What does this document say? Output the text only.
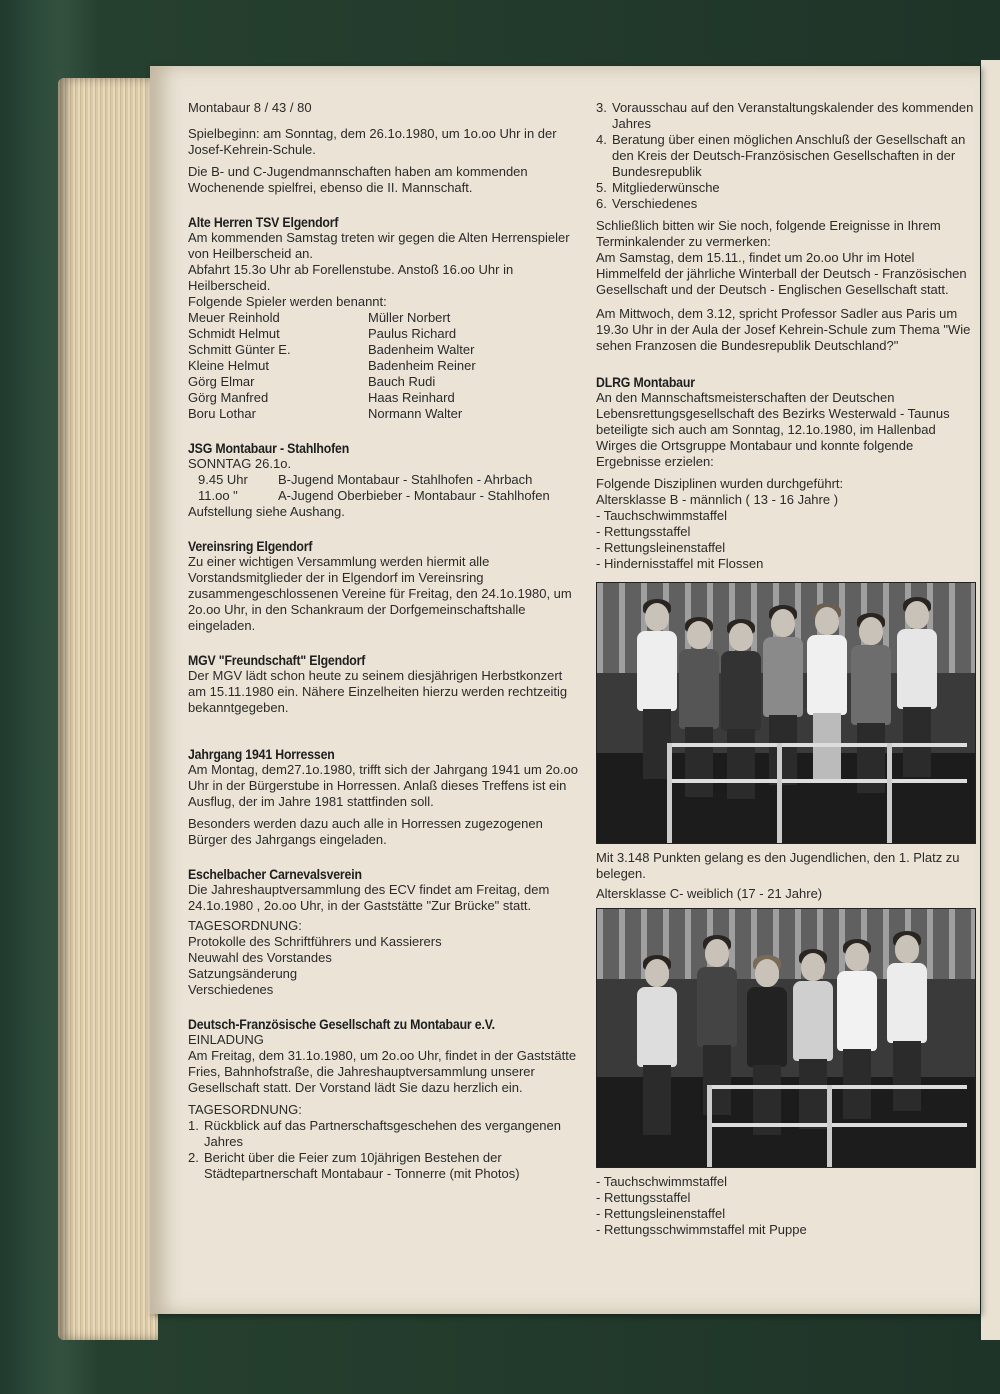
Montabaur 8 / 43 / 80

Spielbeginn: am Sonntag, dem 26.1o.1980, um 1o.oo Uhr in der Josef-Kehrein-Schule.

Die B- und C-Jugendmannschaften haben am kommenden Wochenende spielfrei, ebenso die II. Mannschaft.

Alte Herren TSV Elgendorf

Am kommenden Samstag treten wir gegen die Alten Herrenspieler von Heilberscheid an.

Abfahrt 15.3o Uhr ab Forellenstube. Anstoß 16.oo Uhr in Heilberscheid.

Folgende Spieler werden benannt:

Meuer Reinhold	Müller Norbert
Schmidt Helmut	Paulus Richard
Schmitt Günter E.	Badenheim Walter
Kleine Helmut	Badenheim Reiner
Görg Elmar	Bauch Rudi
Görg Manfred	Haas Reinhard
Boru Lothar	Normann Walter

JSG Montabaur - Stahlhofen

SONNTAG 26.1o.

9.45 Uhr	B-Jugend Montabaur - Stahlhofen - Ahrbach
11.oo "	A-Jugend Oberbieber - Montabaur - Stahlhofen

Aufstellung siehe Aushang.

Vereinsring Elgendorf

Zu einer wichtigen Versammlung werden hiermit alle Vorstandsmitglieder der in Elgendorf im Vereinsring zusammengeschlossenen Vereine für Freitag, den 24.1o.1980, um 2o.oo Uhr, in den Schankraum der Dorfgemeinschaftshalle eingeladen.

MGV "Freundschaft" Elgendorf

Der MGV lädt schon heute zu seinem diesjährigen Herbstkonzert am 15.11.1980 ein. Nähere Einzelheiten hierzu werden rechtzeitig bekanntgegeben.

Jahrgang 1941 Horressen

Am Montag, dem27.1o.1980, trifft sich der Jahrgang 1941 um 2o.oo Uhr in der Bürgerstube in Horressen. Anlaß dieses Treffens ist ein Ausflug, der im Jahre 1981 stattfinden soll.

Besonders werden dazu auch alle in Horressen zugezogenen Bürger des Jahrgangs eingeladen.

Eschelbacher Carnevalsverein

Die Jahreshauptversammlung des ECV findet am Freitag, dem 24.1o.1980 , 2o.oo Uhr, in der Gaststätte "Zur Brücke" statt.

TAGESORDNUNG:

Protokolle des Schriftführers und Kassierers

Neuwahl des Vorstandes

Satzungsänderung

Verschiedenes

Deutsch-Französische Gesellschaft zu Montabaur e.V.

EINLADUNG

Am Freitag, dem 31.1o.1980, um 2o.oo Uhr, findet in der Gaststätte Fries, Bahnhofstraße, die Jahreshauptversammlung unserer Gesellschaft statt. Der Vorstand lädt Sie dazu herzlich ein.

TAGESORDNUNG:

1. Rückblick auf das Partnerschaftsgeschehen des vergangenen Jahres
2. Bericht über die Feier zum 10jährigen Bestehen der Städtepartnerschaft Montabaur - Tonnerre (mit Photos)
3. Vorausschau auf den Veranstaltungskalender des kommenden Jahres
4. Beratung über einen möglichen Anschluß der Gesellschaft an den Kreis der Deutsch-Französischen Gesellschaften in der Bundesrepublik
5. Mitgliederwünsche
6. Verschiedenes

Schließlich bitten wir Sie noch, folgende Ereignisse in Ihrem Terminkalender zu vermerken:

Am Samstag, dem 15.11., findet um 2o.oo Uhr im Hotel Himmelfeld der jährliche Winterball der Deutsch - Französischen Gesellschaft und der Deutsch - Englischen Gesellschaft statt.

Am Mittwoch, dem 3.12, spricht Professor Sadler aus Paris um 19.3o Uhr in der Aula der Josef Kehrein-Schule zum Thema "Wie sehen Franzosen die Bundesrepublik Deutschland?"

DLRG Montabaur

An den Mannschaftsmeisterschaften der Deutschen Lebensrettungsgesellschaft des Bezirks Westerwald - Taunus beteiligte sich auch am Sonntag, 12.1o.1980, im Hallenbad Wirges die Ortsgruppe Montabaur und konnte folgende Ergebnisse erzielen:

Folgende Disziplinen wurden durchgeführt:

Altersklasse B - männlich ( 13 - 16 Jahre )

- Tauchschwimmstaffel

- Rettungsstaffel

- Rettungsleinenstaffel

- Hindernisstaffel mit Flossen

Mit 3.148 Punkten gelang es den Jugendlichen, den 1. Platz zu belegen.

Altersklasse C- weiblich (17 - 21 Jahre)

- Tauchschwimmstaffel

- Rettungsstaffel

- Rettungsleinenstaffel

- Rettungsschwimmstaffel mit Puppe
